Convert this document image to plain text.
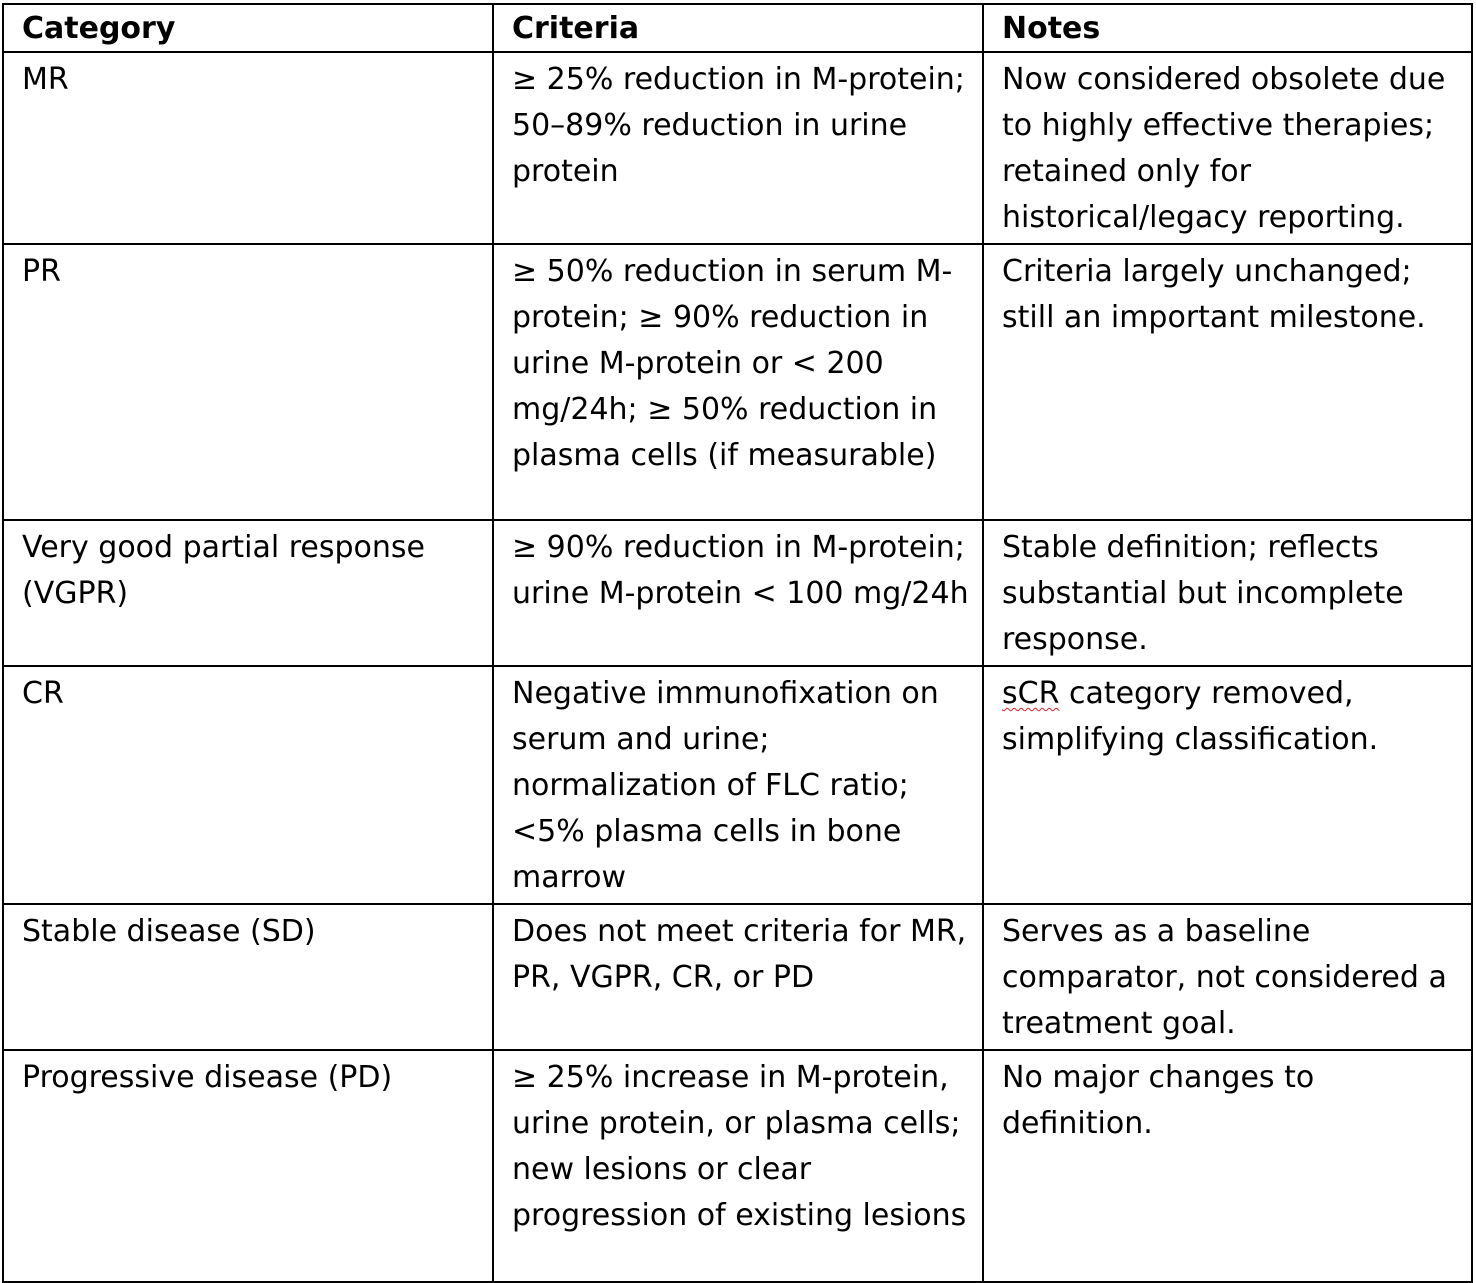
Category	Criteria	Notes
MR	≥ 25% reduction in M-protein; 50–89% reduction in urine protein	Now considered obsolete due to highly effective therapies; retained only for historical/legacy reporting.
PR	≥ 50% reduction in serum M-protein; ≥ 90% reduction in urine M-protein or < 200 mg/24h; ≥ 50% reduction in plasma cells (if measurable)	Criteria largely unchanged; still an important milestone.
Very good partial response (VGPR)	≥ 90% reduction in M-protein; urine M-protein < 100 mg/24h	Stable definition; reflects substantial but incomplete response.
CR	Negative immunofixation on serum and urine; normalization of FLC ratio; <5% plasma cells in bone marrow	sCR category removed, simplifying classification.
Stable disease (SD)	Does not meet criteria for MR, PR, VGPR, CR, or PD	Serves as a baseline comparator, not considered a treatment goal.
Progressive disease (PD)	≥ 25% increase in M-protein, urine protein, or plasma cells; new lesions or clear progression of existing lesions	No major changes to definition.
